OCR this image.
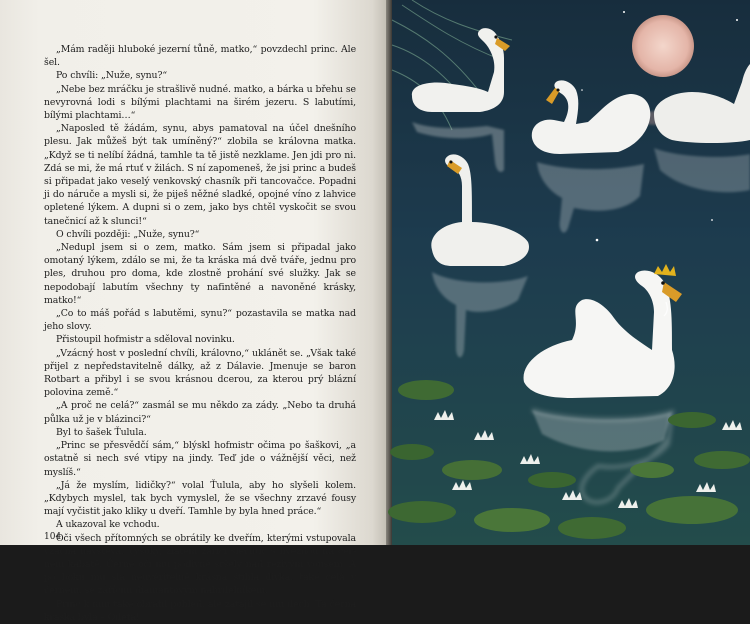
„Mám raději hluboké jezerní tůně, matko,“ povzdechl princ. Ale šel.

Po chvíli: „Nuže, synu?“

„Nebe bez mráčku je strašlivě nudné. matko, a bárka u břehu se nevyrovná lodi s bílými plachtami na širém jezeru. S labutími, bílými plachtami…“

„Naposled tě žádám, synu, abys pamatoval na účel dnešního plesu. Jak můžeš být tak umíněný?“ zlobila se královna matka. „Když se ti nelíbí žádná, tamhle ta tě jistě nezklame. Jen jdi pro ni. Zdá se mi, že má rtuť v žilách. S ní zapomeneš, že jsi princ a budeš si připadat jako veselý venkovský chasník při tancovačce. Popadni ji do náruče a mysli si, že piješ něžné sladké, opojné víno z lahvice opletené lýkem. A dupni si o zem, jako bys chtěl vyskočit se svou tanečnicí až k slunci!“

O chvíli později: „Nuže, synu?“

„Nedupl jsem si o zem, matko. Sám jsem si připadal jako omotaný lýkem, zdálo se mi, že ta kráska má dvě tváře, jednu pro ples, druhou pro doma, kde zlostně prohání své služky. Jak se nepodobají labutím všechny ty nafintěné a navoněné krásky, matko!“

„Co to máš pořád s labutěmi, synu?“ pozastavila se matka nad jeho slovy.

Přistoupil hofmistr a sděloval novinku.

„Vzácný host v poslední chvíli, královno,“ uklánět se. „Však také přijel z nepředstavitelně dálky, až z Dálavie. Jmenuje se baron Rotbart a přibyl i se svou krásnou dcerou, za kterou prý blázní polovina země.“

„A proč ne celá?“ zasmál se mu někdo za zády. „Nebo ta druhá půlka už je v blázinci?“

Byl to šašek Ťulula.

„Princ se přesvědčí sám,“ blýskl hofmistr očima po šaškovi, „a ostatně si nech své vtipy na jindy. Teď jde o vážnější věci, než myslíš.“

„Já že myslím, lidičky?“ volal Ťulula, aby ho slyšeli kolem. „Kdybych myslel, tak bych vymyslel, že se všechny zrzavé fousy mají vyčistit jako kliky u dveří. Tamhle by byla hned práce.“

A ukazoval ke vchodu.

Oči všech přítomných se obrátily ke dveřím, kterými vstupovala vzácná návštěva. Vysoký, zlatem zářící šlechtic s hvězdou na černém kabátě. Černé oči mu podivně sršely nad rezivým vousem. A po boku mu šla neuvěřitelně krásná štíhlá dívka, také celá v černém, se zářícím diamantovým náhrdelníkem.

Princ k nim také obrátil pohled, ale zatajil se mu dech. Ta černá kráska byla – Odeta!

104
